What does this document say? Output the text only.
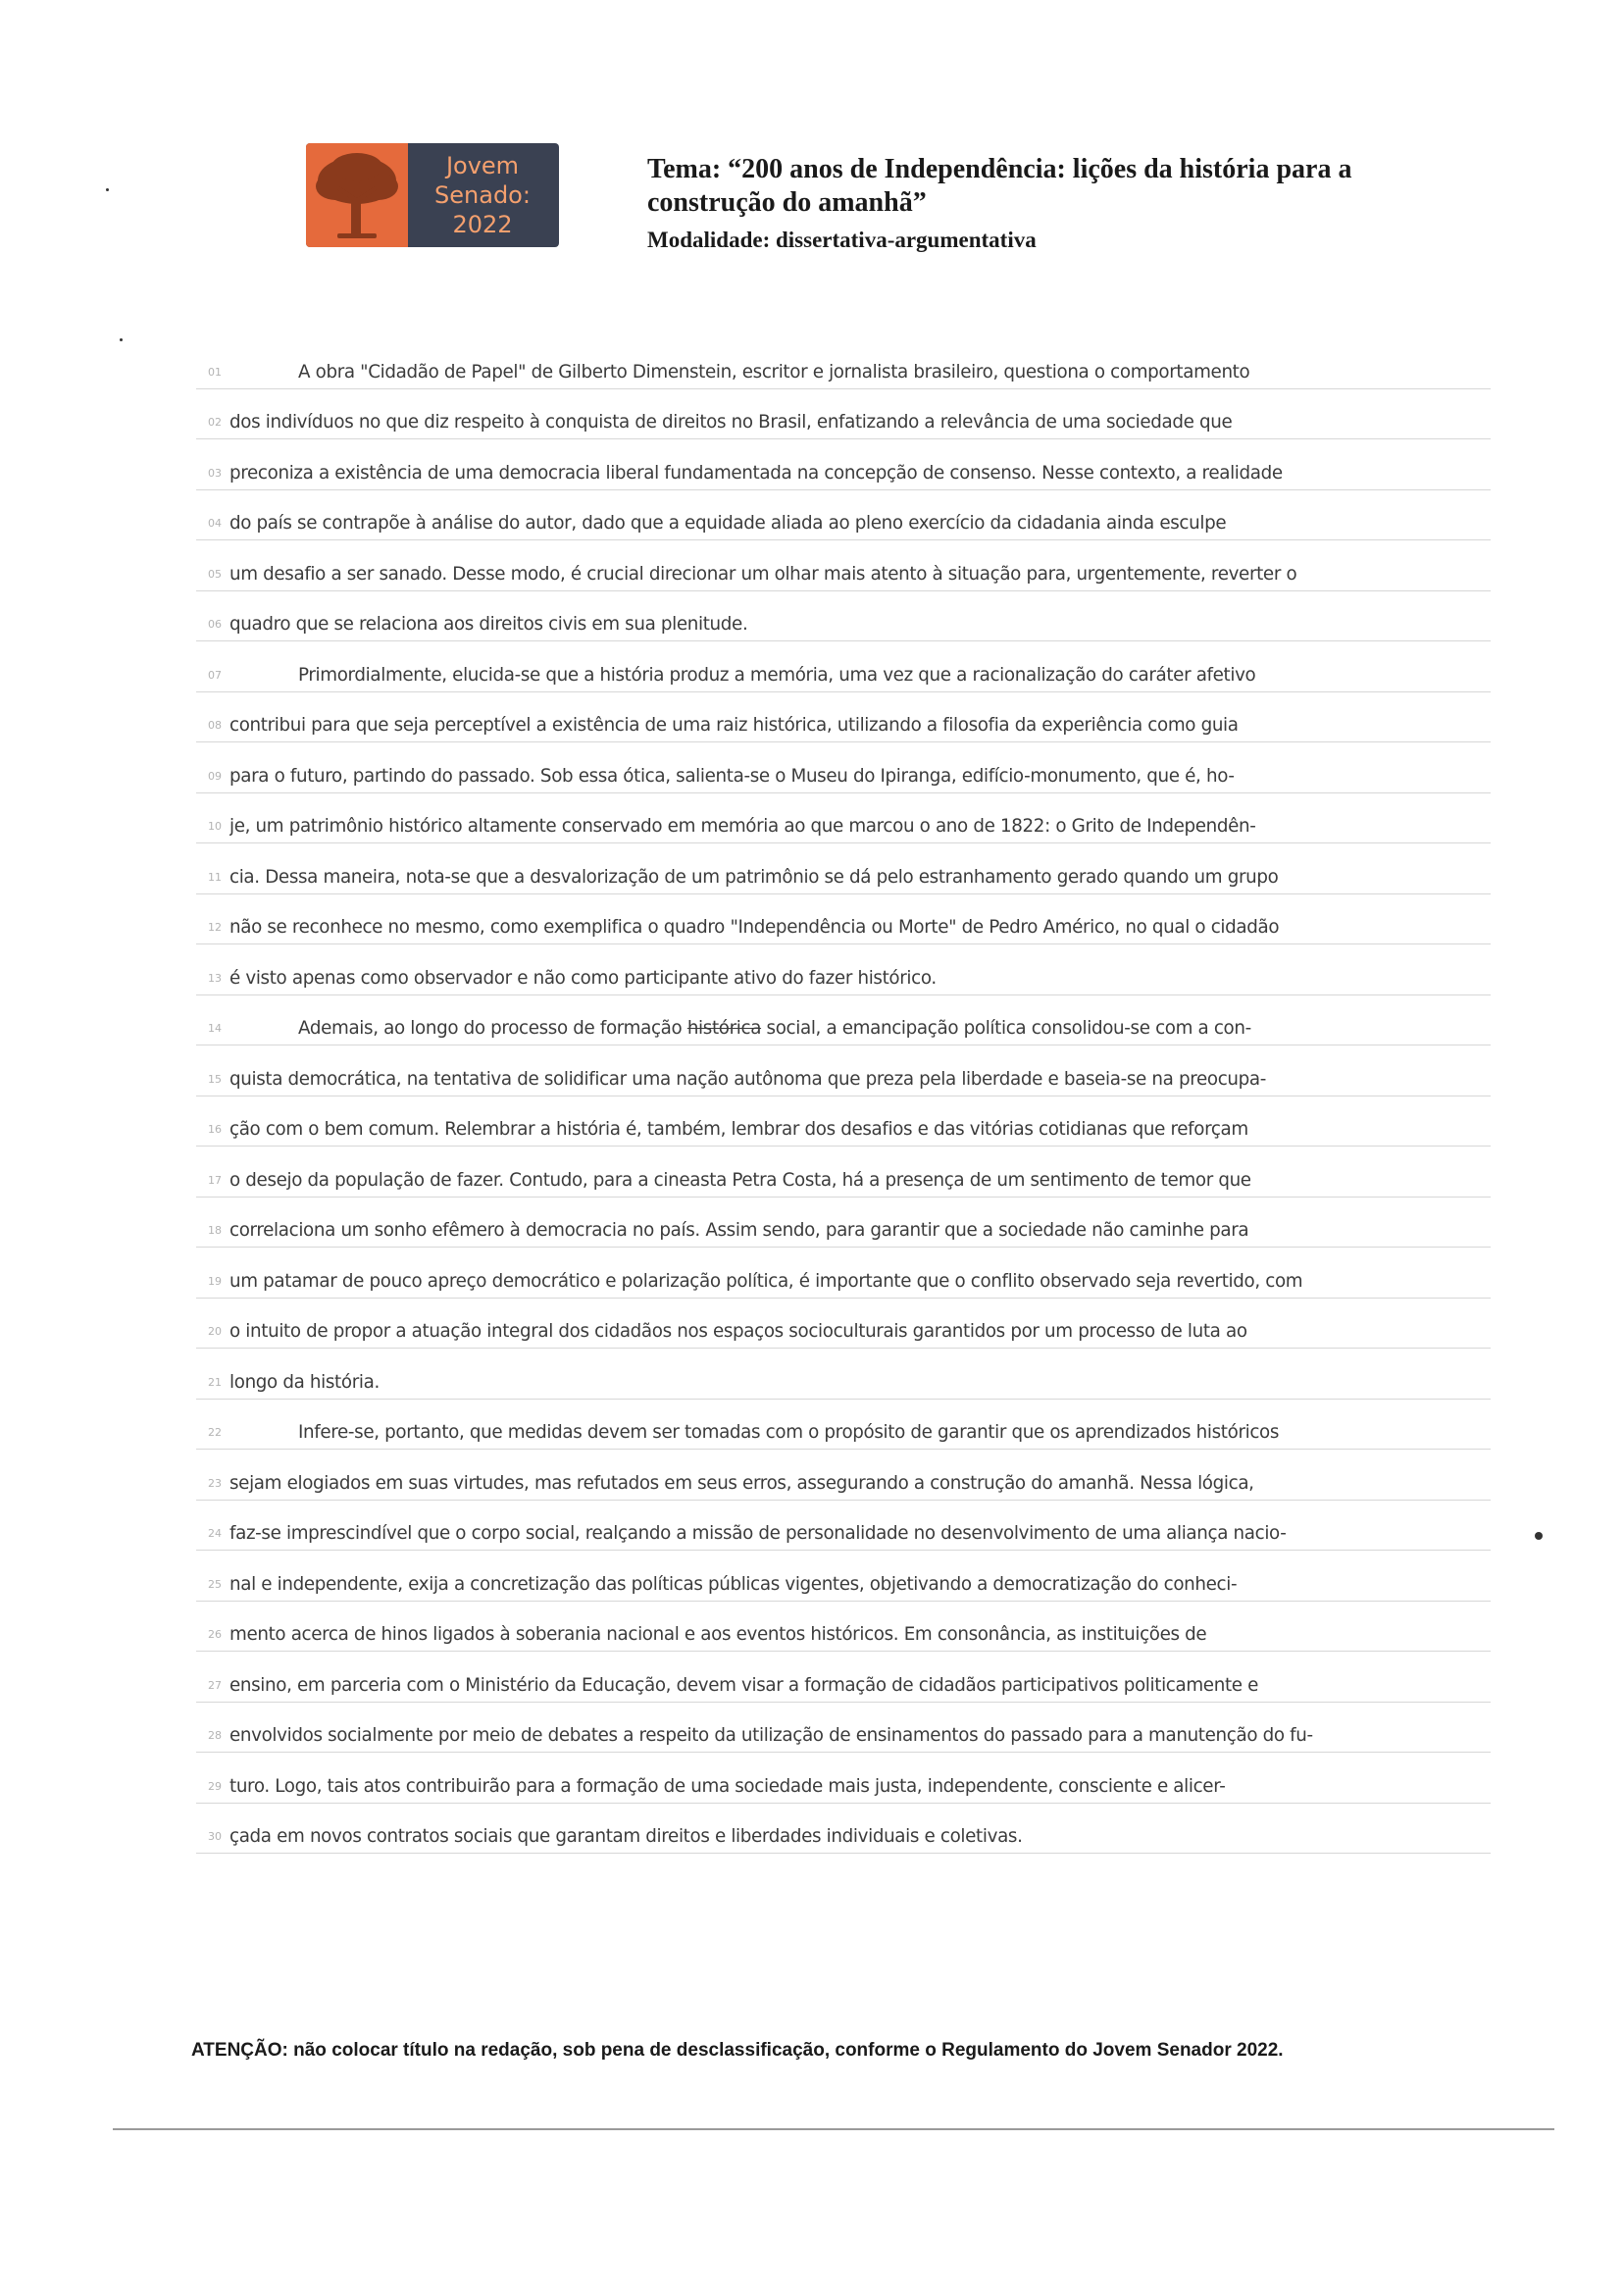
Jovem
Senado:
2022

Tema: “200 anos de Independência: lições da história para a construção do amanhã”

Modalidade: dissertativa-argumentativa
01	A obra "Cidadão de Papel" de Gilberto Dimenstein, escritor e jornalista brasileiro, questiona o comportamento
02 dos indivíduos no que diz respeito à conquista de direitos no Brasil, enfatizando a relevância de uma sociedade que
03 preconiza a existência de uma democracia liberal fundamentada na concepção de consenso. Nesse contexto, a realidade
04 do país se contrapõe à análise do autor, dado que a equidade aliada ao pleno exercício da cidadania ainda esculpe
05 um desafio a ser sanado. Desse modo, é crucial direcionar um olhar mais atento à situação para, urgentemente, reverter o
06 quadro que se relaciona aos direitos civis em sua plenitude.
07	Primordialmente, elucida-se que a história produz a memória, uma vez que a racionalização do caráter afetivo
08 contribui para que seja perceptível a existência de uma raiz histórica, utilizando a filosofia da experiência como guia
09 para o futuro, partindo do passado. Sob essa ótica, salienta-se o Museu do Ipiranga, edifício-monumento, que é, ho-
10 je, um patrimônio histórico altamente conservado em memória ao que marcou o ano de 1822: o Grito de Independên-
11 cia. Dessa maneira, nota-se que a desvalorização de um patrimônio se dá pelo estranhamento gerado quando um grupo
12 não se reconhece no mesmo, como exemplifica o quadro "Independência ou Morte" de Pedro Américo, no qual o cidadão
13 é visto apenas como observador e não como participante ativo do fazer histórico.
14	Ademais, ao longo do processo de formação histórica social, a emancipação política consolidou-se com a con-
15 quista democrática, na tentativa de solidificar uma nação autônoma que preza pela liberdade e baseia-se na preocupa-
16 ção com o bem comum. Relembrar a história é, também, lembrar dos desafios e das vitórias cotidianas que reforçam
17 o desejo da população de fazer. Contudo, para a cineasta Petra Costa, há a presença de um sentimento de temor que
18 correlaciona um sonho efêmero à democracia no país. Assim sendo, para garantir que a sociedade não caminhe para
19 um patamar de pouco apreço democrático e polarização política, é importante que o conflito observado seja revertido, com
20 o intuito de propor a atuação integral dos cidadãos nos espaços socioculturais garantidos por um processo de luta ao
21 longo da história.
22	Infere-se, portanto, que medidas devem ser tomadas com o propósito de garantir que os aprendizados históricos
23 sejam elogiados em suas virtudes, mas refutados em seus erros, assegurando a construção do amanhã. Nessa lógica,
24 faz-se imprescindível que o corpo social, realçando a missão de personalidade no desenvolvimento de uma aliança nacio-
25 nal e independente, exija a concretização das políticas públicas vigentes, objetivando a democratização do conheci-
26 mento acerca de hinos ligados à soberania nacional e aos eventos históricos. Em consonância, as instituições de
27 ensino, em parceria com o Ministério da Educação, devem visar a formação de cidadãos participativos politicamente e
28 envolvidos socialmente por meio de debates a respeito da utilização de ensinamentos do passado para a manutenção do fu-
29 turo. Logo, tais atos contribuirão para a formação de uma sociedade mais justa, independente, consciente e alicer-
30 çada em novos contratos sociais que garantam direitos e liberdades individuais e coletivas.
ATENÇÃO: não colocar título na redação, sob pena de desclassificação, conforme o Regulamento do Jovem Senador 2022.
